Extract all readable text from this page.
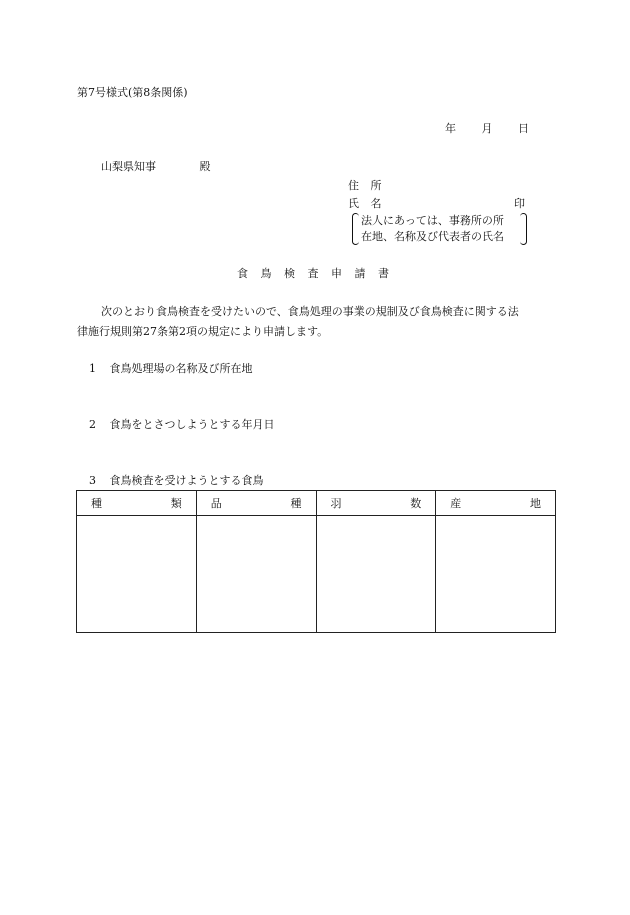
第7号様式(第8条関係)
年 月 日
山梨県知事	殿
住 所
氏 名	印
法人にあっては、事務所の所
在地、名称及び代表者の氏名
食 鳥 検 査 申 請 書
次のとおり食鳥検査を受けたいので、食鳥処理の事業の規制及び食鳥検査に関する法
律施行規則第27条第2項の規定により申請します。
1 食鳥処理場の名称及び所在地
2 食鳥をとさつしようとする年月日
3 食鳥検査を受けようとする食鳥
種 類	品 種	羽 数	産 地
